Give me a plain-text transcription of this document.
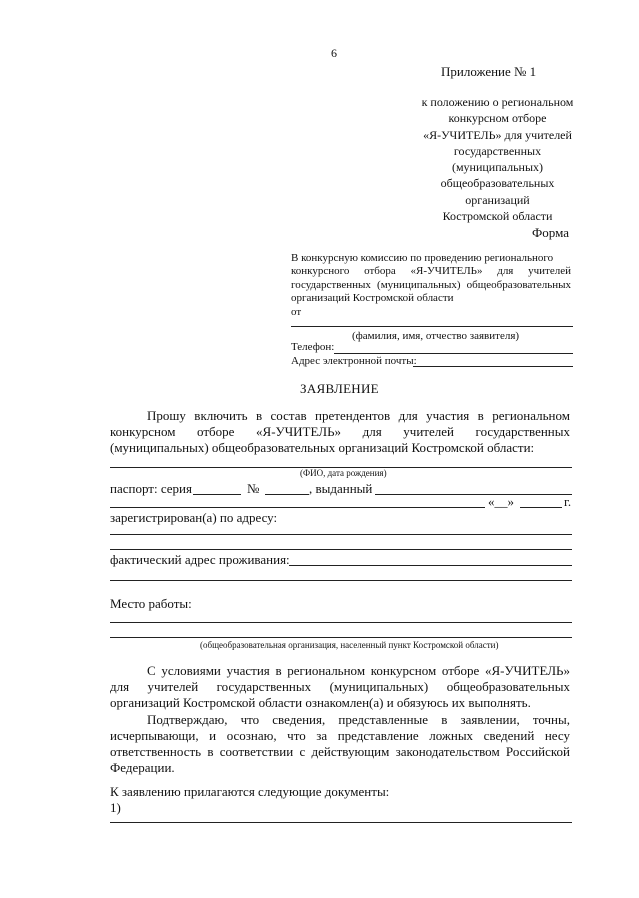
6
Приложение № 1
к положению о региональном
конкурсном отборе
«Я-УЧИТЕЛЬ» для учителей
государственных
(муниципальных)
общеобразовательных
организаций
Костромской области
Форма
В конкурсную комиссию по проведению регионального
конкурсного отбора «Я-УЧИТЕЛЬ» для учителей
государственных (муниципальных) общеобразовательных
организаций Костромской области
от
(фамилия, имя, отчество заявителя)
Телефон:
Адрес электронной почты:
ЗАЯВЛЕНИЕ
Прошу включить в состав претендентов для участия в региональном
конкурсном отборе «Я-УЧИТЕЛЬ» для учителей государственных
(муниципальных) общеобразовательных организаций Костромской области:
(ФИО, дата рождения)
паспорт: серия	№	, выданный
«__»	г.
зарегистрирован(а) по адресу:
фактический адрес проживания:
Место работы:
(общеобразовательная организация, населенный пункт Костромской области)
С условиями участия в региональном конкурсном отборе «Я-УЧИТЕЛЬ»
для учителей государственных (муниципальных) общеобразовательных
организаций Костромской области ознакомлен(а) и обязуюсь их выполнять.
Подтверждаю, что сведения, представленные в заявлении, точны,
исчерпывающи, и осознаю, что за представление ложных сведений несу
ответственность в соответствии с действующим законодательством Российской
Федерации.
К заявлению прилагаются следующие документы:
1)
